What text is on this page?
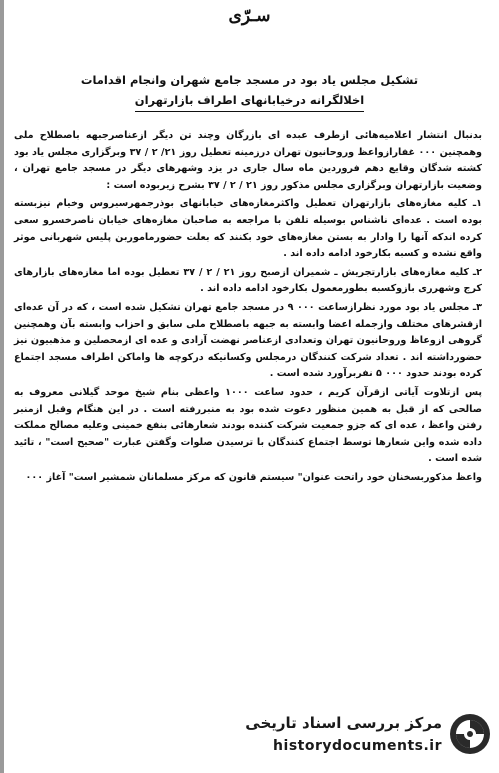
سـرّی
تشکیل مجلس یاد بود در مسجد جامع شهران وانجام اقدامات
اخلالگرانه درخیابانهای اطراف بازارتهران

بدنبال انتشار اعلامیه‌هائی ازطرف عبده ای بازرگان وچند تن دیگر ازعناصرجبهه باصطلاح ملی وهمچنین ۰۰۰ غفارازواعظ وروحانیون تهران درزمینه تعطیل روز ۲۱/ ۲ / ۳۷ وبرگزاری مجلس یاد بود کشته شدگان وقایع دهم فروردین ماه سال جاری در یزد وشهرهای دیگر در مسجد جامع تهران ، وضعیت بازارتهران وبرگزاری مجلس مذکور روز ۲۱ / ۲ / ۳۷ بشرح زیربوده است :

۱ـ کلیه مغازه‌های بازارتهران تعطیل واکثرمغازه‌های خیابانهای بوذرجمهرسیروس وخیام نیزبسته بوده است . عده‌ای ناشناس بوسیله تلفن با مراجعه به صاحبان مغازه‌های خیابان ناصرخسرو سعی کرده اندکه آنها را وادار به بستن مغازه‌های خود بکنند که بعلت حضورماموربن پلیس شهربانی موثر واقع نشده و کسبه بکارخود ادامه داده اند .

۲ـ کلیه مغازه‌های بازارتجریش ـ شمیران ازصبح روز ۲۱ / ۲ / ۳۷ تعطیل بوده اما مغازه‌های بازارهای کرج وشهرری بازوکسبه بطورمعمول بکارخود ادامه داده اند .

۳ـ مجلس یاد بود مورد نظرازساعت ۰۰۰ ۹ در مسجد جامع تهران تشکیل شده است ، که در آن عده‌ای ازقشرهای مختلف وازجمله اعضا وابسته به جبهه باصطلاح ملی سابق و احزاب وابسته بآن وهمچنین گروهی ازوعاظ وروحانیون تهران وتعدادی ازعناصر نهضت آزادی و عده ای ازمحصلین و مذهبیون نیز حضورداشته اند . تعداد شرکت کنندگان درمجلس وکسانیکه درکوچه ها واماکن اطراف مسجد اجتماع کرده بودند حدود ۰۰۰ ۵ نفربرآورد شده است .

پس ازتلاوت آیاتی ازقرآن کریم ، حدود ساعت ۱۰۰۰ واعظی بنام شیخ موحد گیلانی معروف به صالحی که از قبل به همین منظور دعوت شده بود به منبررفته است . در این هنگام وقبل ازمنبر رفتن واعظ ، عده ای که جزو جمعیت شرکت کننده بودند شعارهائی بنفع خمینی وعلیه مصالح مملکت داده شده واین شعارها توسط اجتماع کنندگان با ترسیدن صلوات وگفتن عبارت "صحیح است" ، تائید شده است .

واعظ مذکوربسخنان خود راتحت عنوان" سیستم قانون که مرکز مسلمانان شمشیر است" آغاز ۰۰۰

مرکز بررسی اسناد تاریخی
historydocuments.ir
